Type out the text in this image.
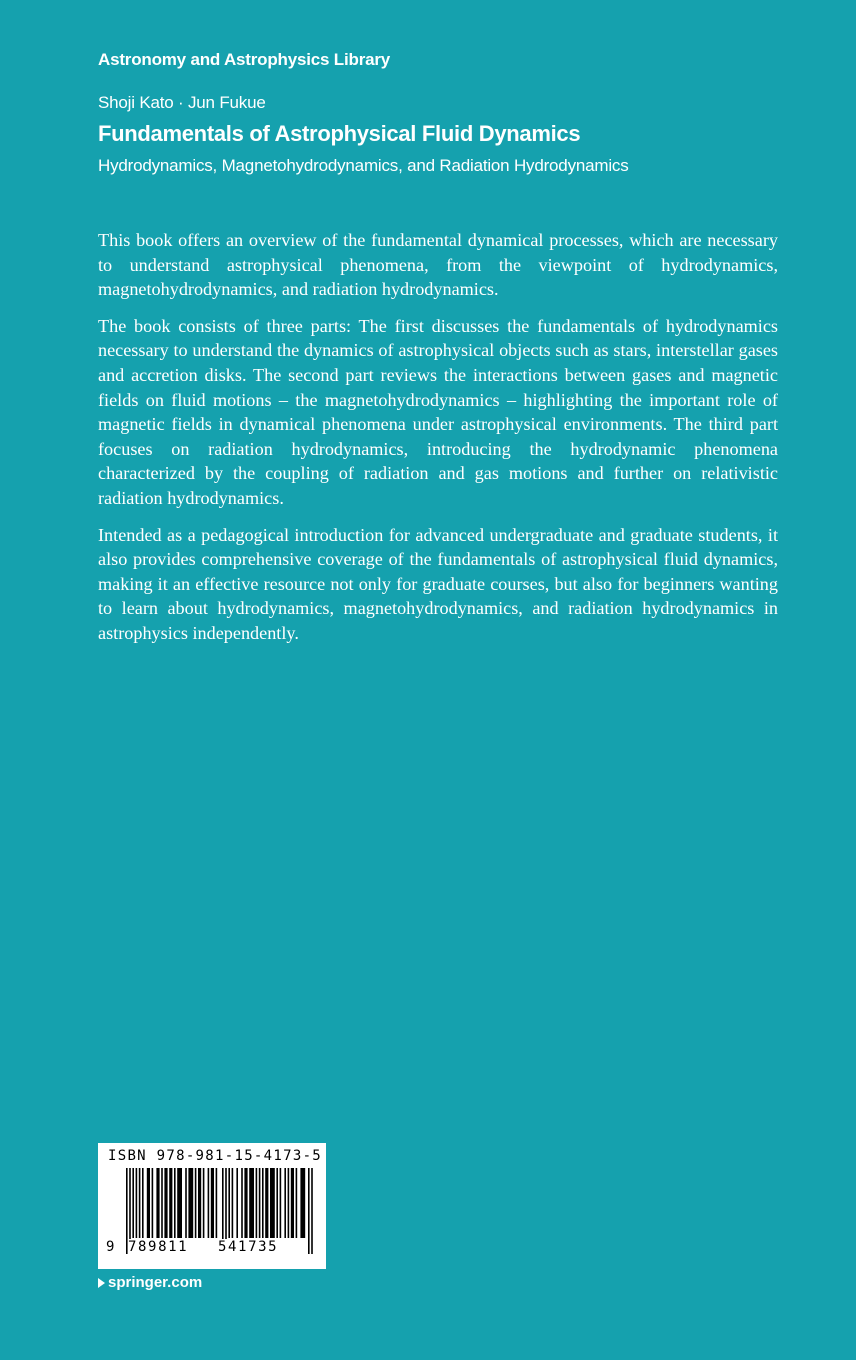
Astronomy and Astrophysics Library
Shoji Kato · Jun Fukue
Fundamentals of Astrophysical Fluid Dynamics
Hydrodynamics, Magnetohydrodynamics, and Radiation Hydrodynamics

This book offers an overview of the fundamental dynamical processes, which are necessary to understand astrophysical phenomena, from the viewpoint of hydrodynamics, magnetohydrodynamics, and radiation hydrodynamics.

The book consists of three parts: The first discusses the fundamentals of hydrodynamics necessary to understand the dynamics of astrophysical objects such as stars, interstellar gases and accretion disks. The second part reviews the interactions between gases and magnetic fields on fluid motions – the magnetohydrodynamics – highlighting the important role of magnetic fields in dynamical phenomena under astrophysical environments. The third part focuses on radiation hydrodynamics, introducing the hydrodynamic phenomena characterized by the coupling of radiation and gas motions and further on relativistic radiation hydrodynamics.

Intended as a pedagogical introduction for advanced undergraduate and graduate students, it also provides comprehensive coverage of the fundamentals of astrophysical fluid dynamics, making it an effective resource not only for graduate courses, but also for beginners wanting to learn about hydrodynamics, magnetohydrodynamics, and radiation hydrodynamics in astrophysics independently.

ISBN 978-981-15-4173-5
9 789811 541735
springer.com
